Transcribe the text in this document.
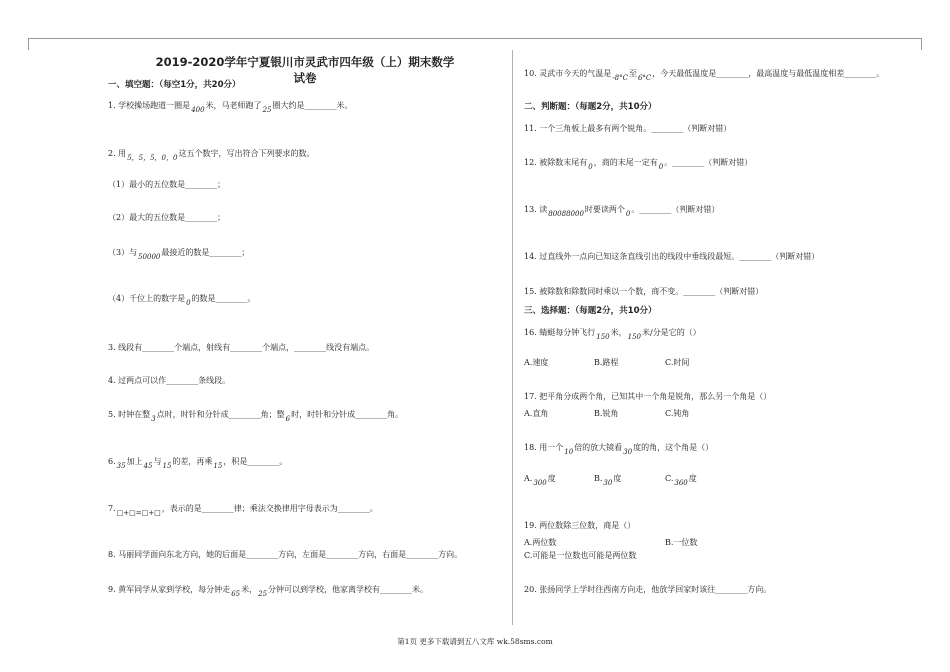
2019-2020学年宁夏银川市灵武市四年级（上）期末数学试卷
一、填空题：（每空1分，共20分）
1. 学校操场跑道一圈是400米，马老师跑了25圈大约是________米。
2. 用5，5，5，0，0这五个数字，写出符合下列要求的数。
（1）最小的五位数是________；
（2）最大的五位数是________；
（3）与50000最接近的数是________；
（4）千位上的数字是0的数是________。
3. 线段有________个端点，射线有________个端点，________线没有端点。
4. 过两点可以作________条线段。
5. 时钟在整3点时，时针和分针成________角；整6时，时针和分针成________角。
6.35加上45与15的差，再乘15，积是________。
7.□+□=□+□，表示的是________律；乘法交换律用字母表示为________。
8. 马丽同学面向东北方向，她的后面是________方向，左面是________方向，右面是________方向。
9. 黄军同学从家到学校，每分钟走65米，25分钟可以到学校，他家离学校有________米。
10. 灵武市今天的气温是-8°C至6°C，今天最低温度是________，最高温度与最低温度相差________。
二、判断题：（每题2分，共10分）
11. 一个三角板上最多有两个锐角。________（判断对错）
12. 被除数末尾有0，商的末尾一定有0。________（判断对错）
13. 读80088000时要读两个0。________（判断对错）
14. 过直线外一点向已知这条直线引出的线段中垂线段最短。________（判断对错）
15. 被除数和除数同时乘以一个数，商不变。________（判断对错）
三、选择题：（每题2分，共10分）
16. 蜻蜓每分钟飞行150米，150米/分是它的（）
A.速度	B.路程	C.时间
17. 把平角分成两个角，已知其中一个角是锐角，那么另一个角是（）
A.直角	B.锐角	C.钝角
18. 用一个10倍的放大镜看30度的角，这个角是（）
A.300度	B.30度	C.360度
19. 两位数除三位数，商是（）
A.两位数	B.一位数
C.可能是一位数也可能是两位数
20. 张扬同学上学时往西南方向走，他放学回家时该往________方向。
第1页 更多下载请到五八文库 wk.58sms.com
